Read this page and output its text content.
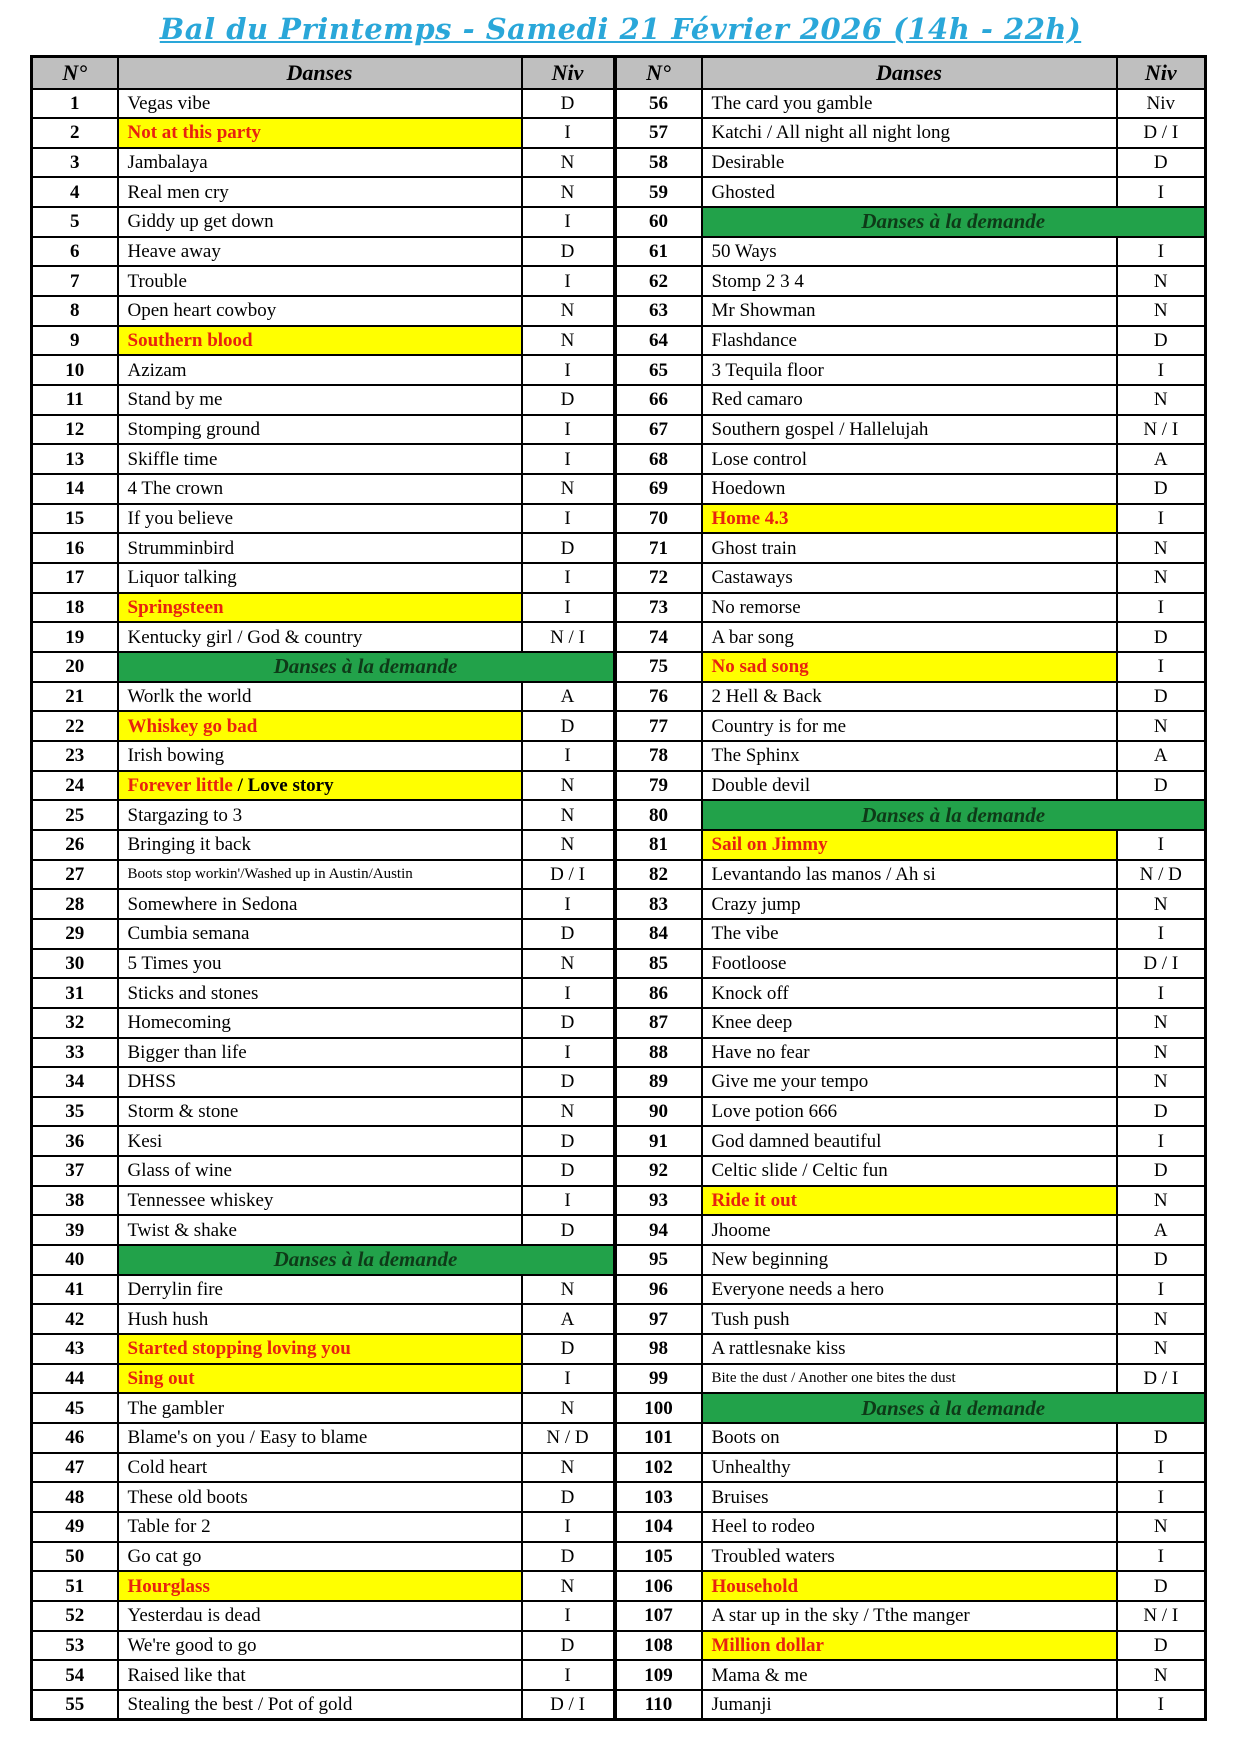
Bal du Printemps - Samedi 21 Février 2026 (14h - 22h)
N°	Danses	Niv	N°	Danses	Niv
1	Vegas vibe	D	56	The card you gamble	Niv
2	Not at this party	I	57	Katchi / All night all night long	D / I
3	Jambalaya	N	58	Desirable	D
4	Real men cry	N	59	Ghosted	I
5	Giddy up get down	I	60	Danses à la demande	
6	Heave away	D	61	50 Ways	I
7	Trouble	I	62	Stomp 2 3 4	N
8	Open heart cowboy	N	63	Mr Showman	N
9	Southern blood	N	64	Flashdance	D
10	Azizam	I	65	3 Tequila floor	I
11	Stand by me	D	66	Red camaro	N
12	Stomping ground	I	67	Southern gospel / Hallelujah	N / I
13	Skiffle time	I	68	Lose control	A
14	4 The crown	N	69	Hoedown	D
15	If you believe	I	70	Home 4.3	I
16	Strumminbird	D	71	Ghost train	N
17	Liquor talking	I	72	Castaways	N
18	Springsteen	I	73	No remorse	I
19	Kentucky girl / God & country	N / I	74	A bar song	D
20	Danses à la demande		75	No sad song	I
21	Worlk the world	A	76	2 Hell & Back	D
22	Whiskey go bad	D	77	Country is for me	N
23	Irish bowing	I	78	The Sphinx	A
24	Forever little / Love story	N	79	Double devil	D
25	Stargazing to 3	N	80	Danses à la demande	
26	Bringing it back	N	81	Sail on Jimmy	I
27	Boots stop workin'/Washed up in Austin/Austin	D / I	82	Levantando las manos / Ah si	N / D
28	Somewhere in Sedona	I	83	Crazy jump	N
29	Cumbia semana	D	84	The vibe	I
30	5 Times you	N	85	Footloose	D / I
31	Sticks and stones	I	86	Knock off	I
32	Homecoming	D	87	Knee deep	N
33	Bigger than life	I	88	Have no fear	N
34	DHSS	D	89	Give me your tempo	N
35	Storm & stone	N	90	Love potion 666	D
36	Kesi	D	91	God damned beautiful	I
37	Glass of wine	D	92	Celtic slide / Celtic fun	D
38	Tennessee whiskey	I	93	Ride it out	N
39	Twist & shake	D	94	Jhoome	A
40	Danses à la demande		95	New beginning	D
41	Derrylin fire	N	96	Everyone needs a hero	I
42	Hush hush	A	97	Tush push	N
43	Started stopping loving you	D	98	A rattlesnake kiss	N
44	Sing out	I	99	Bite the dust / Another one bites the dust	D / I
45	The gambler	N	100	Danses à la demande	
46	Blame's on you / Easy to blame	N / D	101	Boots on	D
47	Cold heart	N	102	Unhealthy	I
48	These old boots	D	103	Bruises	I
49	Table for 2	I	104	Heel to rodeo	N
50	Go cat go	D	105	Troubled waters	I
51	Hourglass	N	106	Household	D
52	Yesterdau is dead	I	107	A star up in the sky / Tthe manger	N / I
53	We're good to go	D	108	Million dollar	D
54	Raised like that	I	109	Mama & me	N
55	Stealing the best / Pot of gold	D / I	110	Jumanji	I
